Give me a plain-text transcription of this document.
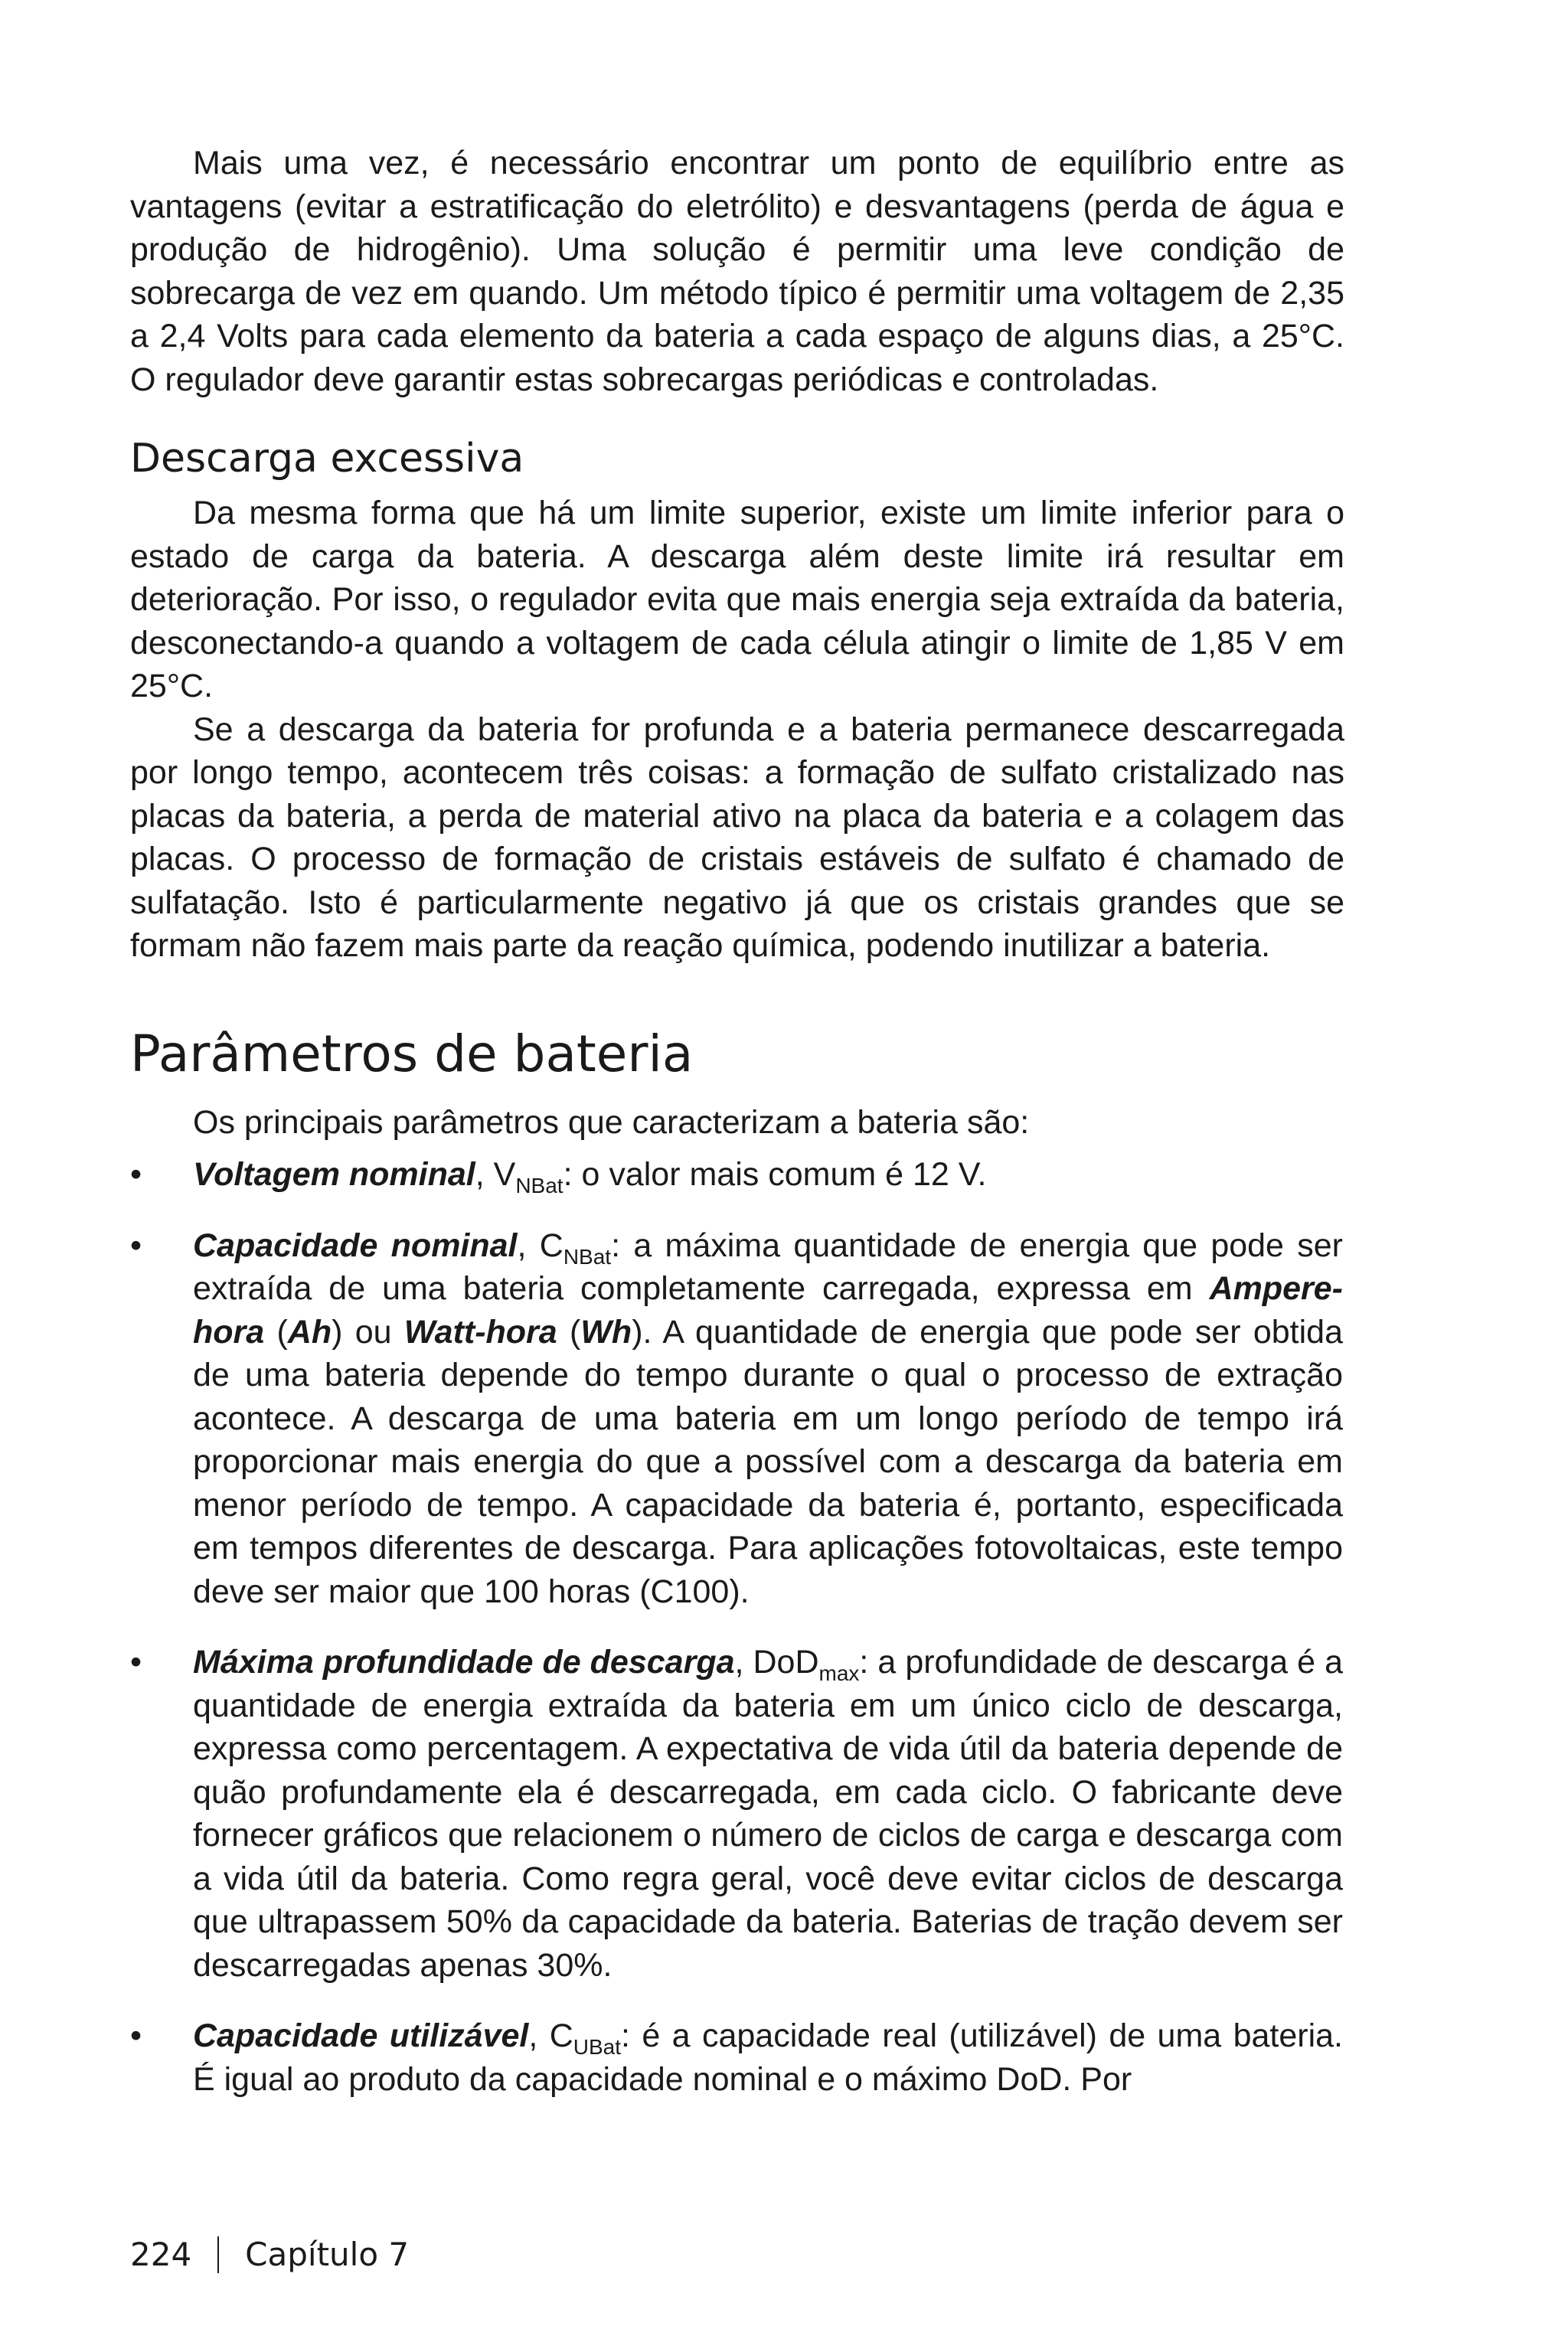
Mais uma vez, é necessário encontrar um ponto de equilíbrio entre as vantagens (evitar a estratificação do eletrólito) e desvantagens (perda de água e produção de hidrogênio). Uma solução é permitir uma leve condição de sobrecarga de vez em quando. Um método típico é permitir uma voltagem de 2,35 a 2,4 Volts para cada elemento da bateria a cada espaço de alguns dias, a 25°C. O regulador deve garantir estas sobrecargas periódicas e controladas.

Descarga excessiva

Da mesma forma que há um limite superior, existe um limite inferior para o estado de carga da bateria. A descarga além deste limite irá resultar em deterioração. Por isso, o regulador evita que mais energia seja extraída da bateria, desconectando-a quando a voltagem de cada célula atingir o limite de 1,85 V em 25°C.

Se a descarga da bateria for profunda e a bateria permanece descarregada por longo tempo, acontecem três coisas: a formação de sulfato cristalizado nas placas da bateria, a perda de material ativo na placa da bateria e a colagem das placas. O processo de formação de cristais estáveis de sulfato é chamado de sulfatação. Isto é particularmente negativo já que os cristais grandes que se formam não fazem mais parte da reação química, podendo inutilizar a bateria.

Parâmetros de bateria

Os principais parâmetros que caracterizam a bateria são:

•	Voltagem nominal, $V_{NBat}$: o valor mais comum é 12 V.

•	Capacidade nominal, $C_{NBat}$: a máxima quantidade de energia que pode ser extraída de uma bateria completamente carregada, expressa em Ampere-hora (Ah) ou Watt-hora (Wh). A quantidade de energia que pode ser obtida de uma bateria depende do tempo durante o qual o processo de extração acontece. A descarga de uma bateria em um longo período de tempo irá proporcionar mais energia do que a possível com a descarga da bateria em menor período de tempo. A capacidade da bateria é, portanto, especificada em tempos diferentes de descarga. Para aplicações fotovoltaicas, este tempo deve ser maior que 100 horas (C100).

•	Máxima profundidade de descarga, DoD$_{max}$: a profundidade de descarga é a quantidade de energia extraída da bateria em um único ciclo de descarga, expressa como percentagem. A expectativa de vida útil da bateria depende de quão profundamente ela é descarregada, em cada ciclo. O fabricante deve fornecer gráficos que relacionem o número de ciclos de carga e descarga com a vida útil da bateria. Como regra geral, você deve evitar ciclos de descarga que ultrapassem 50% da capacidade da bateria. Baterias de tração devem ser descarregadas apenas 30%.

•	Capacidade utilizável, $C_{UBat}$: é a capacidade real (utilizável) de uma bateria. É igual ao produto da capacidade nominal e o máximo DoD. Por

224 Capítulo 7
